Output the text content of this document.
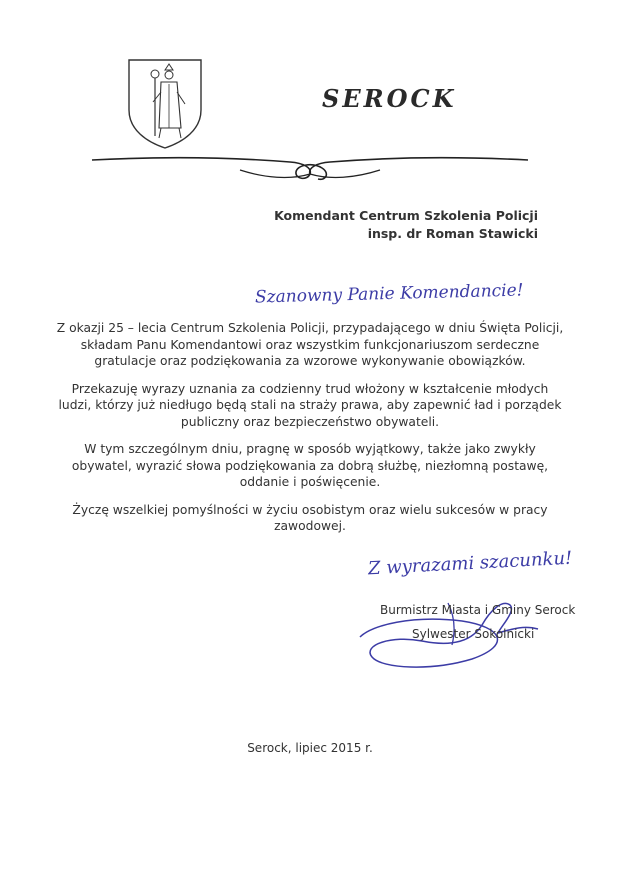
SEROCK
Komendant Centrum Szkolenia Policji
insp. dr Roman Stawicki
Szanowny Panie Komendancie!

Z okazji 25 – lecia Centrum Szkolenia Policji, przypadającego w dniu Święta Policji, składam Panu Komendantowi oraz wszystkim funkcjonariuszom serdeczne gratulacje oraz podziękowania za wzorowe wykonywanie obowiązków.

Przekazuję wyrazy uznania za codzienny trud włożony w kształcenie młodych ludzi, którzy już niedługo będą stali na straży prawa, aby zapewnić ład i porządek publiczny oraz bezpieczeństwo obywateli.

W tym szczególnym dniu, pragnę w sposób wyjątkowy, także jako zwykły obywatel, wyrazić słowa podziękowania za dobrą służbę, niezłomną postawę, oddanie i poświęcenie.

Życzę wszelkiej pomyślności w życiu osobistym oraz wielu sukcesów w pracy zawodowej.

Z wyrazami szacunku!
Burmistrz Miasta i Gminy Serock
Sylwester Sokolnicki
Serock, lipiec 2015 r.
